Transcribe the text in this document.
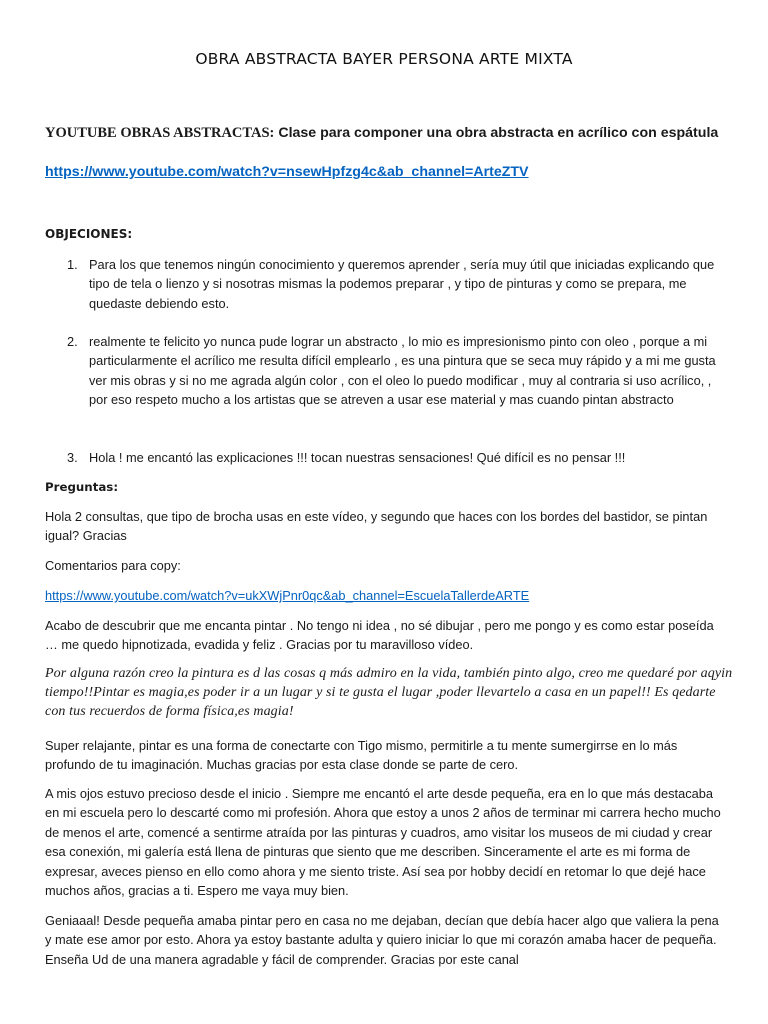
OBRA ABSTRACTA BAYER PERSONA ARTE MIXTA
YOUTUBE OBRAS ABSTRACTAS: Clase para componer una obra abstracta en acrílico con espátula
https://www.youtube.com/watch?v=nsewHpfzg4c&ab_channel=ArteZTV
OBJECIONES:
1. Para los que tenemos ningún conocimiento y queremos aprender , sería muy útil que iniciadas explicando que tipo de tela o lienzo y si nosotras mismas la podemos preparar , y tipo de pinturas y como se prepara, me quedaste debiendo esto.
2. realmente te felicito yo nunca pude lograr un abstracto , lo mio es impresionismo pinto con oleo , porque a mi particularmente el acrílico me resulta difícil emplearlo , es una pintura que se seca muy rápido y a mi me gusta ver mis obras y si no me agrada algún color , con el oleo lo puedo modificar , muy al contraria si uso acrílico, , por eso respeto mucho a los artistas que se atreven a usar ese material y mas cuando pintan abstracto
3. Hola ! me encantó las explicaciones !!! tocan nuestras sensaciones! Qué difícil es no pensar !!!
Preguntas:
Hola 2 consultas, que tipo de brocha usas en este vídeo, y segundo que haces con los bordes del bastidor, se pintan igual? Gracias
Comentarios para copy:
https://www.youtube.com/watch?v=ukXWjPnr0qc&ab_channel=EscuelaTallerdeARTE
Acabo de descubrir que me encanta pintar . No tengo ni idea , no sé dibujar , pero me pongo y es como estar poseída … me quedo hipnotizada, evadida y feliz . Gracias por tu maravilloso vídeo.
Por alguna razón creo la pintura es d las cosas q más admiro en la vida, también pinto algo, creo me quedaré por aqyin tiempo!!Pintar es magia,es poder ir a un lugar y si te gusta el lugar ,poder llevartelo a casa en un papel!! Es qedarte con tus recuerdos de forma física,es magia!
Super relajante, pintar es una forma de conectarte con Tigo mismo, permitirle a tu mente sumergirrse en lo más profundo de tu imaginación. Muchas gracias por esta clase donde se parte de cero.
A mis ojos estuvo precioso desde el inicio . Siempre me encantó el arte desde pequeña, era en lo que más destacaba en mi escuela pero lo descarté como mi profesión. Ahora que estoy a unos 2 años de terminar mi carrera hecho mucho de menos el arte, comencé a sentirme atraída por las pinturas y cuadros, amo visitar los museos de mi ciudad y crear esa conexión, mi galería está llena de pinturas que siento que me describen. Sinceramente el arte es mi forma de expresar, aveces pienso en ello como ahora y me siento triste. Así sea por hobby decidí en retomar lo que dejé hace muchos años, gracias a ti. Espero me vaya muy bien.
Geniaaal! Desde pequeña amaba pintar pero en casa no me dejaban, decían que debía hacer algo que valiera la pena y mate ese amor por esto. Ahora ya estoy bastante adulta y quiero iniciar lo que mi corazón amaba hacer de pequeña. Enseña Ud de una manera agradable y fácil de comprender. Gracias por este canal
